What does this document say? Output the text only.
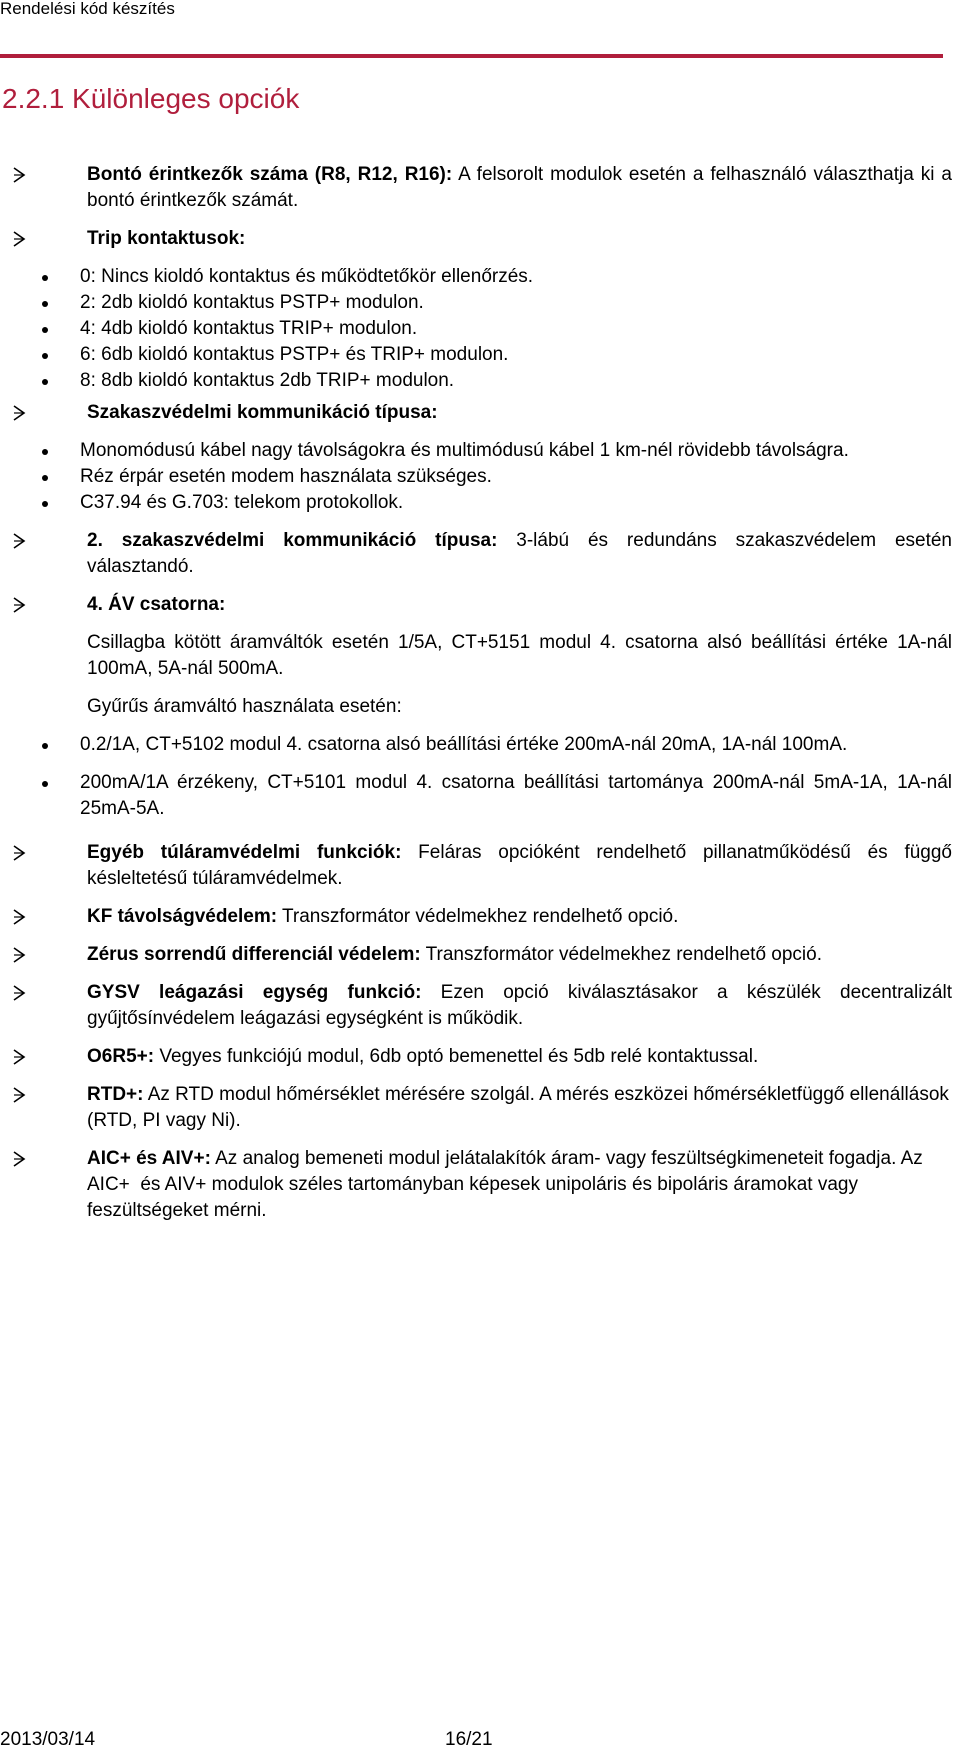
Rendelési kód készítés
2.2.1 Különleges opciók

Bontó érintkezők száma (R8, R12, R16): A felsorolt modulok esetén a felhasználó választhatja ki a bontó érintkezők számát.

Trip kontaktusok:

0: Nincs kioldó kontaktus és működtetőkör ellenőrzés.
2: 2db kioldó kontaktus PSTP+ modulon.
4: 4db kioldó kontaktus TRIP+ modulon.
6: 6db kioldó kontaktus PSTP+ és TRIP+ modulon.
8: 8db kioldó kontaktus 2db TRIP+ modulon.

Szakaszvédelmi kommunikáció típusa:

Monomódusú kábel nagy távolságokra és multimódusú kábel 1 km-nél rövidebb távolságra.
Réz érpár esetén modem használata szükséges.
C37.94 és G.703: telekom protokollok.

2. szakaszvédelmi kommunikáció típusa: 3-lábú és redundáns szakaszvédelem esetén választandó.

4. ÁV csatorna:

Csillagba kötött áramváltók esetén 1/5A, CT+5151 modul 4. csatorna alsó beállítási értéke 1A-nál 100mA, 5A-nál 500mA.

Gyűrűs áramváltó használata esetén:

0.2/1A, CT+5102 modul 4. csatorna alsó beállítási értéke 200mA-nál 20mA, 1A-nál 100mA.
200mA/1A érzékeny, CT+5101 modul 4. csatorna beállítási tartománya 200mA-nál 5mA-1A, 1A-nál 25mA-5A.

Egyéb túláramvédelmi funkciók: Feláras opcióként rendelhető pillanatműködésű és függő késleltetésű túláramvédelmek.

KF távolságvédelem: Transzformátor védelmekhez rendelhető opció.

Zérus sorrendű differenciál védelem: Transzformátor védelmekhez rendelhető opció.

GYSV leágazási egység funkció: Ezen opció kiválasztásakor a készülék decentralizált gyűjtősínvédelem leágazási egységként is működik.

O6R5+: Vegyes funkciójú modul, 6db optó bemenettel és 5db relé kontaktussal.

RTD+: Az RTD modul hőmérséklet mérésére szolgál. A mérés eszközei hőmérsékletfüggő ellenállások (RTD, PI vagy Ni).

AIC+ és AIV+: Az analog bemeneti modul jelátalakítók áram- vagy feszültségkimeneteit fogadja. Az AIC+  és AIV+ modulok széles tartományban képesek unipoláris és bipoláris áramokat vagy feszültségeket mérni.

2013/03/14	16/21
